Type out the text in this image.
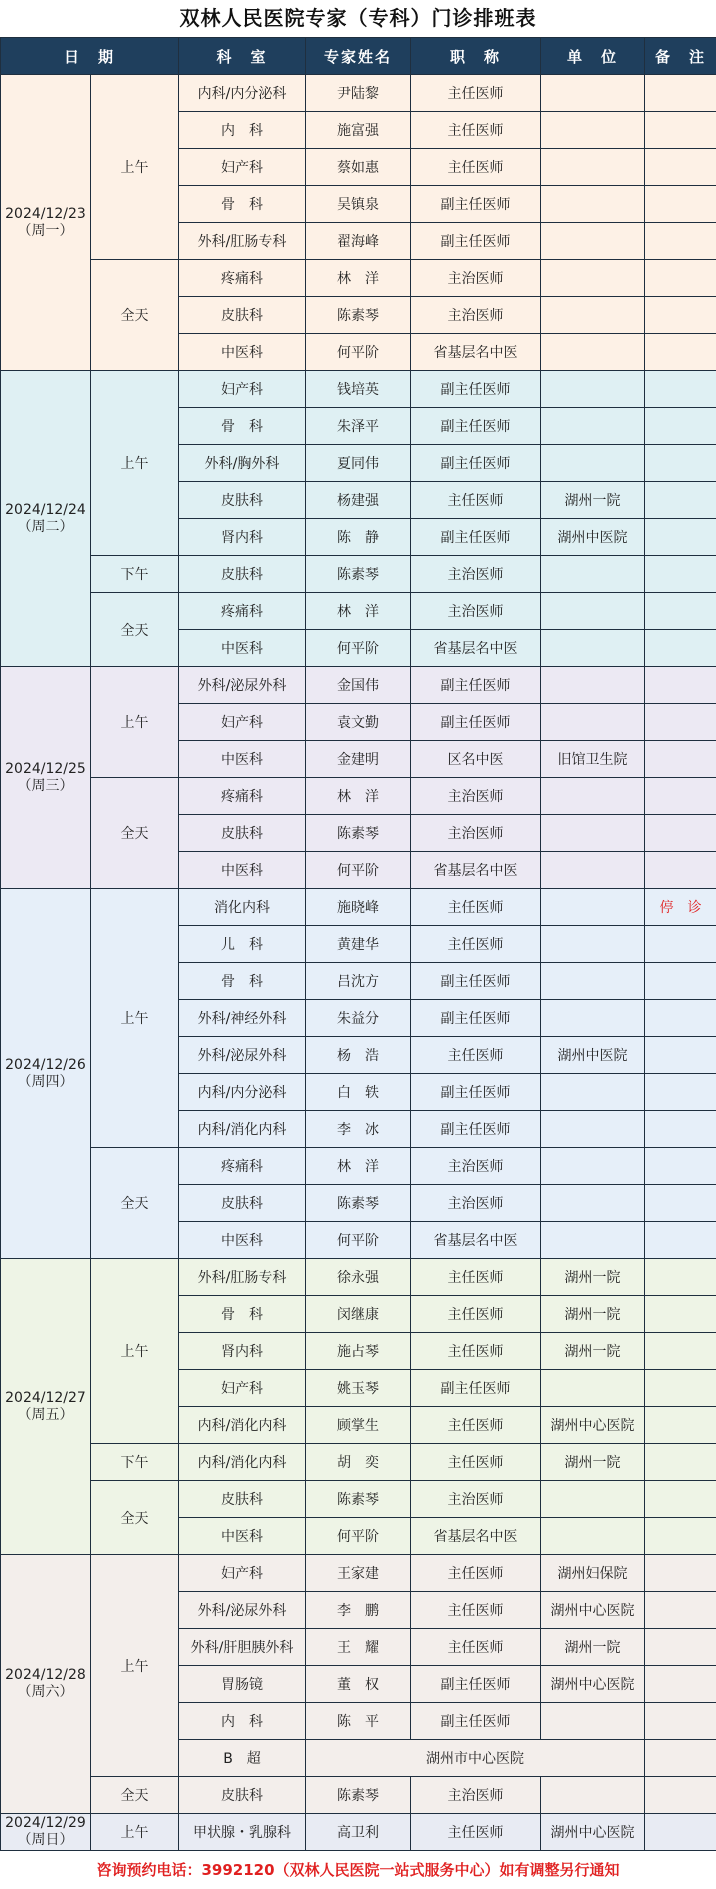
双林人民医院专家（专科）门诊排班表
日　期		科　室	专家姓名	职　称	单　位	备　注

2024/12/23
（周一）	上午	内科/内分泌科	尹陆黎	主任医师		
		内　科	施富强	主任医师		
		妇产科	蔡如惠	主任医师		
		骨　科	吴镇泉	副主任医师		
		外科/肛肠专科	翟海峰	副主任医师		
	全天	疼痛科	林　洋	主治医师		
		皮肤科	陈素琴	主治医师		
		中医科	何平阶	省基层名中医		

2024/12/24
（周二）	上午	妇产科	钱培英	副主任医师		
		骨　科	朱泽平	副主任医师		
		外科/胸外科	夏同伟	副主任医师		
		皮肤科	杨建强	主任医师	湖州一院	
		肾内科	陈　静	副主任医师	湖州中医院	
	下午	皮肤科	陈素琴	主治医师		
	全天	疼痛科	林　洋	主治医师		
		中医科	何平阶	省基层名中医		

2024/12/25
（周三）	上午	外科/泌尿外科	金国伟	副主任医师		
		妇产科	袁文勤	副主任医师		
		中医科	金建明	区名中医	旧馆卫生院	
	全天	疼痛科	林　洋	主治医师		
		皮肤科	陈素琴	主治医师		
		中医科	何平阶	省基层名中医		

2024/12/26
（周四）	上午	消化内科	施晓峰	主任医师		停　诊
		儿　科	黄建华	主任医师		
		骨　科	吕沈方	副主任医师		
		外科/神经外科	朱益分	副主任医师		
		外科/泌尿外科	杨　浩	主任医师	湖州中医院	
		内科/内分泌科	白　轶	副主任医师		
		内科/消化内科	李　冰	副主任医师		
	全天	疼痛科	林　洋	主治医师		
		皮肤科	陈素琴	主治医师		
		中医科	何平阶	省基层名中医		

2024/12/27
（周五）	上午	外科/肛肠专科	徐永强	主任医师	湖州一院	
		骨　科	闵继康	主任医师	湖州一院	
		肾内科	施占琴	主任医师	湖州一院	
		妇产科	姚玉琴	副主任医师		
		内科/消化内科	顾掌生	主任医师	湖州中心医院	
	下午	内科/消化内科	胡　奕	主任医师	湖州一院	
	全天	皮肤科	陈素琴	主治医师		
		中医科	何平阶	省基层名中医		

2024/12/28
（周六）	上午	妇产科	王家建	主任医师	湖州妇保院	
		外科/泌尿外科	李　鹏	主任医师	湖州中心医院	
		外科/肝胆胰外科	王　耀	主任医师	湖州一院	
		胃肠镜	董　权	副主任医师	湖州中心医院	
		内　科	陈　平	副主任医师		
		B　超	湖州市中心医院			
	全天	皮肤科	陈素琴	主治医师		

2024/12/29
（周日）	上午	甲状腺・乳腺科	高卫利	主任医师	湖州中心医院	
咨询预约电话：3992120（双林人民医院一站式服务中心）如有调整另行通知
